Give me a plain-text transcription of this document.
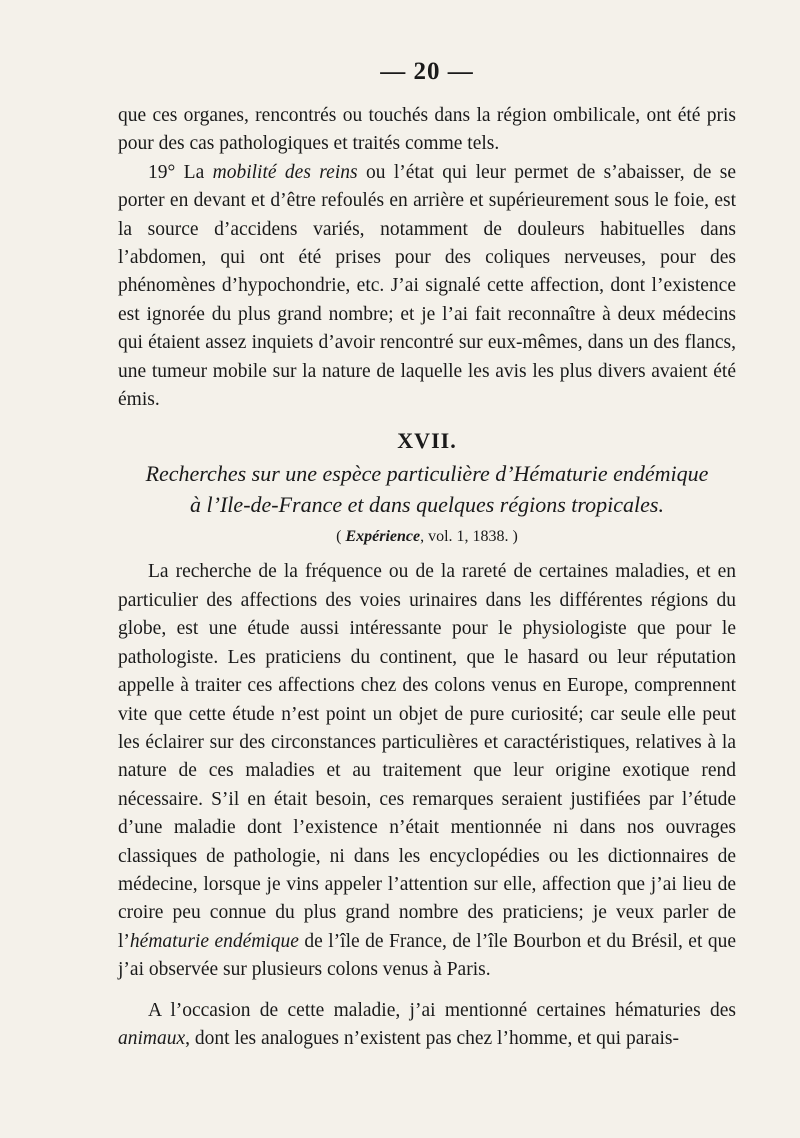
— 20 —

que ces organes, rencontrés ou touchés dans la région ombilicale, ont été pris pour des cas pathologiques et traités comme tels.

19° La mobilité des reins ou l’état qui leur permet de s’abaisser, de se porter en devant et d’être refoulés en arrière et supérieurement sous le foie, est la source d’accidens variés, notamment de douleurs habituelles dans l’abdomen, qui ont été prises pour des coliques nerveuses, pour des phénomènes d’hypochondrie, etc. J’ai signalé cette affection, dont l’existence est ignorée du plus grand nombre; et je l’ai fait reconnaître à deux médecins qui étaient assez inquiets d’avoir rencontré sur eux-mêmes, dans un des flancs, une tumeur mobile sur la nature de laquelle les avis les plus divers avaient été émis.

XVII.

Recherches sur une espèce particulière d’Hématurie endémique
à l’Ile-de-France et dans quelques régions tropicales.

( Expérience, vol. 1, 1838. )

La recherche de la fréquence ou de la rareté de certaines maladies, et en particulier des affections des voies urinaires dans les différentes régions du globe, est une étude aussi intéressante pour le physiologiste que pour le pathologiste. Les praticiens du continent, que le hasard ou leur réputation appelle à traiter ces affections chez des colons venus en Europe, comprennent vite que cette étude n’est point un objet de pure curiosité; car seule elle peut les éclairer sur des circonstances particulières et caractéristiques, relatives à la nature de ces maladies et au traitement que leur origine exotique rend nécessaire. S’il en était besoin, ces remarques seraient justifiées par l’étude d’une maladie dont l’existence n’était mentionnée ni dans nos ouvrages classiques de pathologie, ni dans les encyclopédies ou les dictionnaires de médecine, lorsque je vins appeler l’attention sur elle, affection que j’ai lieu de croire peu connue du plus grand nombre des praticiens; je veux parler de l’hématurie endémique de l’île de France, de l’île Bourbon et du Brésil, et que j’ai observée sur plusieurs colons venus à Paris.

A l’occasion de cette maladie, j’ai mentionné certaines hématuries des animaux, dont les analogues n’existent pas chez l’homme, et qui parais-
